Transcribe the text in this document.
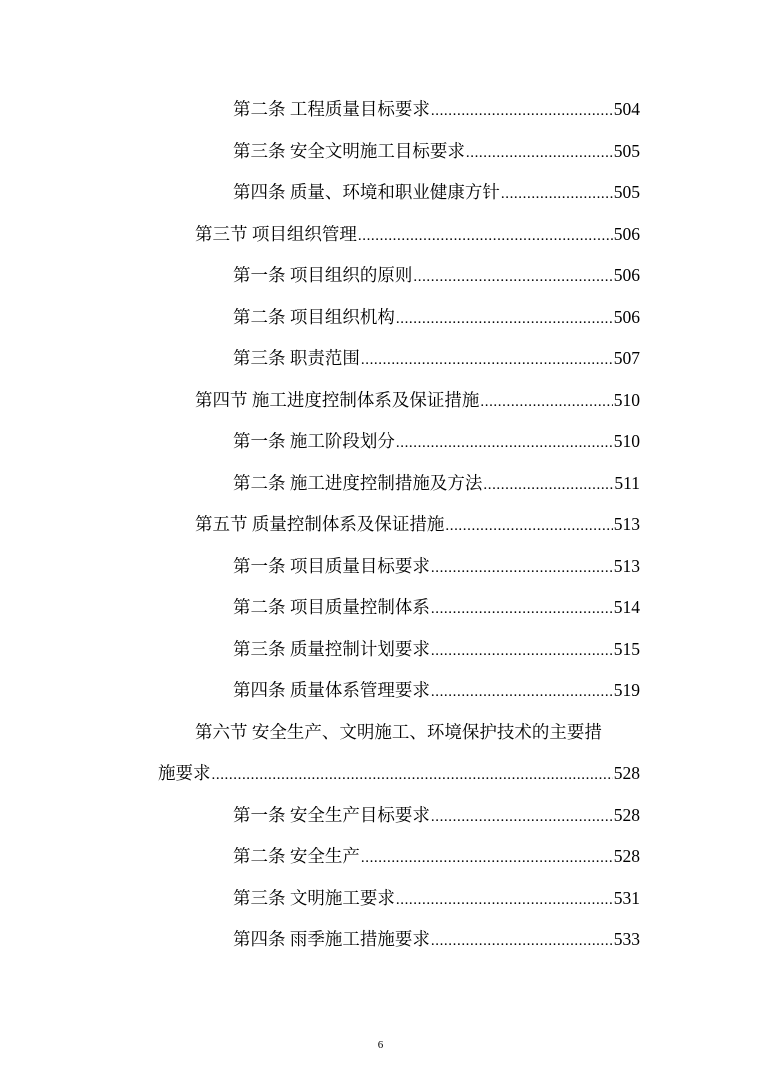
第二条 工程质量目标要求 .....	504
第三条 安全文明施工目标要求 .....	505
第四条 质量、环境和职业健康方针 .....	505
第三节 项目组织管理 .....	506
第一条 项目组织的原则 .....	506
第二条 项目组织机构 .....	506
第三条 职责范围 .....	507
第四节 施工进度控制体系及保证措施 .....	510
第一条 施工阶段划分 .....	510
第二条 施工进度控制措施及方法 .....	511
第五节 质量控制体系及保证措施 .....	513
第一条 项目质量目标要求 .....	513
第二条 项目质量控制体系 .....	514
第三条 质量控制计划要求 .....	515
第四条 质量体系管理要求 .....	519
第六节 安全生产、文明施工、环境保护技术的主要措
施要求 .....	528
第一条 安全生产目标要求 .....	528
第二条 安全生产 .....	528
第三条 文明施工要求 .....	531
第四条 雨季施工措施要求 .....	533
6
